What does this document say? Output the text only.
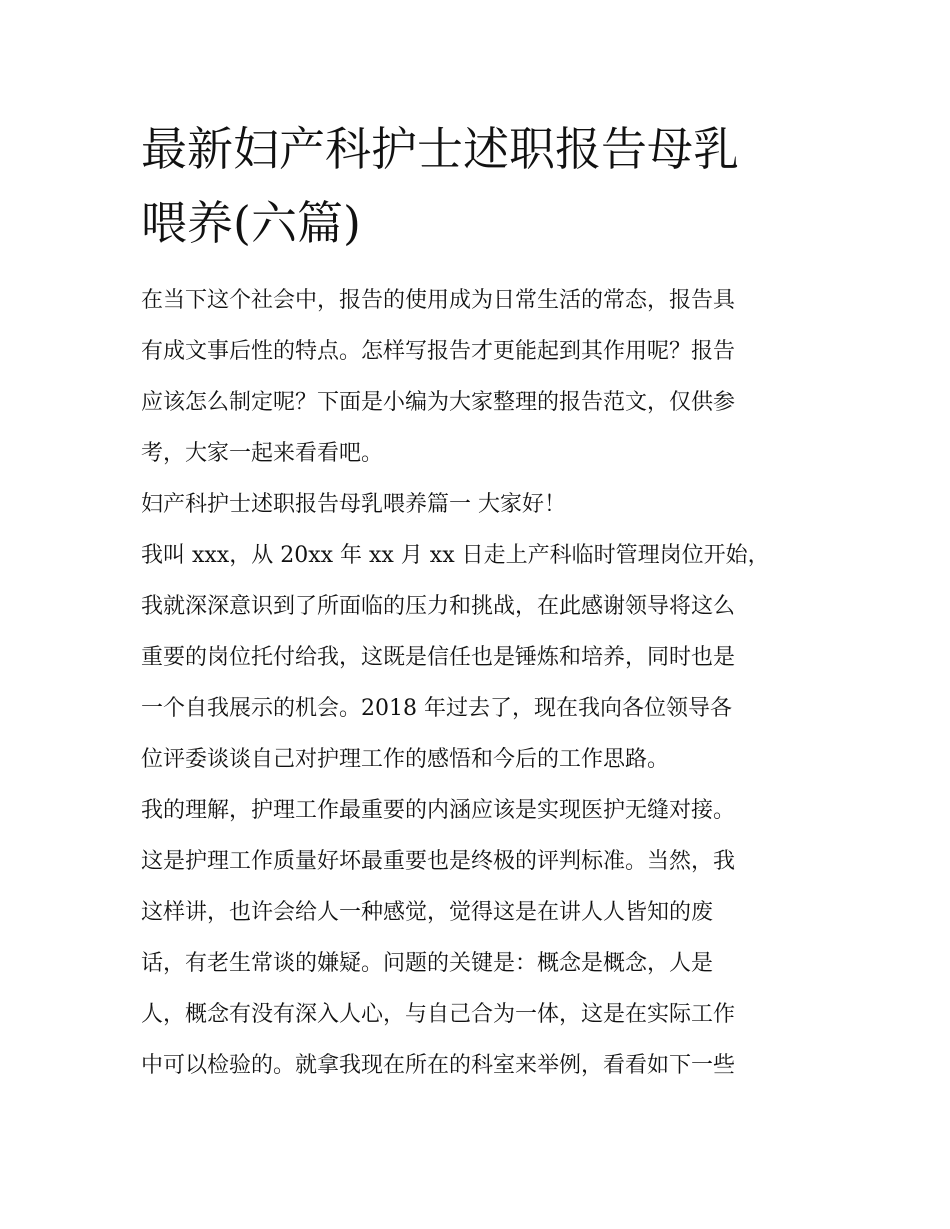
最新妇产科护士述职报告母乳
喂养(六篇)
在当下这个社会中，报告的使用成为日常生活的常态，报告具
有成文事后性的特点。怎样写报告才更能起到其作用呢？报告
应该怎么制定呢？下面是小编为大家整理的报告范文，仅供参
考，大家一起来看看吧。
妇产科护士述职报告母乳喂养篇一 大家好！
我叫 xxx，从 20xx 年 xx 月 xx 日走上产科临时管理岗位开始，
我就深深意识到了所面临的压力和挑战，在此感谢领导将这么
重要的岗位托付给我，这既是信任也是锤炼和培养，同时也是
一个自我展示的机会。2018 年过去了，现在我向各位领导各
位评委谈谈自己对护理工作的感悟和今后的工作思路。
我的理解，护理工作最重要的内涵应该是实现医护无缝对接。
这是护理工作质量好坏最重要也是终极的评判标准。当然，我
这样讲，也许会给人一种感觉，觉得这是在讲人人皆知的废
话，有老生常谈的嫌疑。问题的关键是：概念是概念，人是
人，概念有没有深入人心，与自己合为一体，这是在实际工作
中可以检验的。就拿我现在所在的科室来举例，看看如下一些
